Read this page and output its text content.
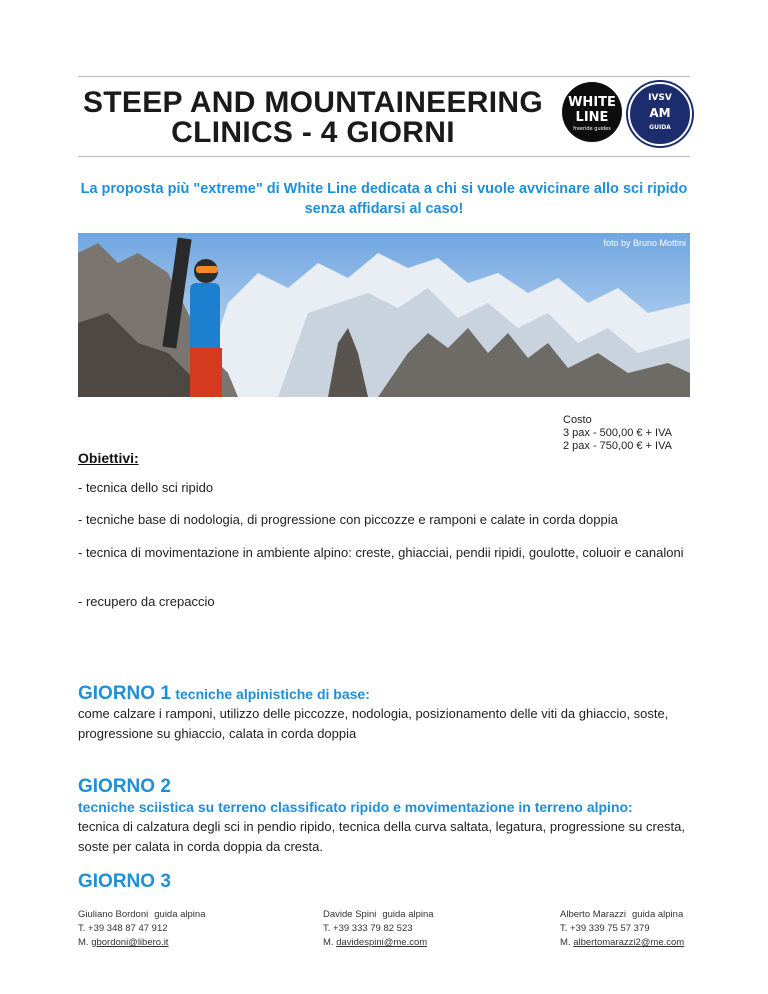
STEEP AND MOUNTAINEERING
CLINICS - 4 GIORNI
WHITE
LINE
freeride guides
IVSV
AM
GUIDA
La proposta più "extreme" di White Line dedicata a chi si vuole avvicinare allo sci ripido
senza affidarsi al caso!
foto by Bruno Mottini
Costo
3 pax - 500,00 € + IVA
2 pax - 750,00 € + IVA
Obiettivi:
- tecnica dello sci ripido
- tecniche base di nodologia, di progressione con piccozze e ramponi e calate in corda doppia
- tecnica di movimentazione in ambiente alpino: creste, ghiacciai, pendii ripidi, goulotte, coluoir e canaloni
- recupero da crepaccio
GIORNO 1 tecniche alpinistiche di base:
come calzare i ramponi, utilizzo delle piccozze, nodologia, posizionamento delle viti da ghiaccio, soste, progressione su ghiaccio, calata in corda doppia
GIORNO 2
tecniche sciistica su terreno classificato ripido e movimentazione in terreno alpino:
tecnica di calzatura degli sci in pendio ripido, tecnica della curva saltata, legatura, progressione su cresta, soste per calata in corda doppia da cresta.
GIORNO 3
Giuliano Bordoni guida alpina
T. +39 348 87 47 912
M. gbordoni@libero.it
Davide Spini guida alpina
T. +39 333 79 82 523
M. davidespini@me.com
Alberto Marazzi guida alpina
T. +39 339 75 57 379
M. albertomarazzi2@me.com
